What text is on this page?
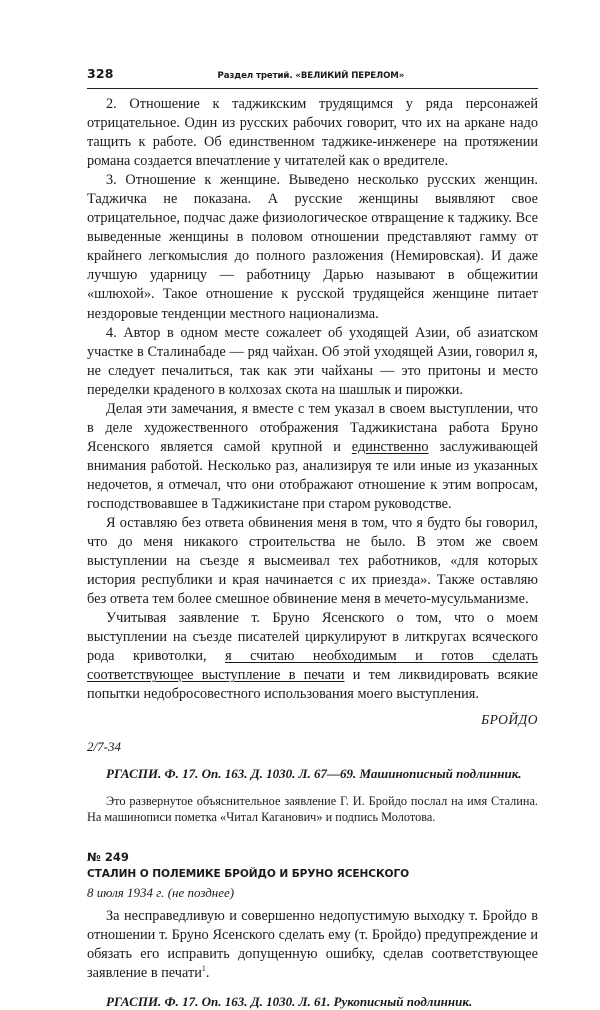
328	Раздел третий. «ВЕЛИКИЙ ПЕРЕЛОМ»

2. Отношение к таджикским трудящимся у ряда персонажей отрицательное. Один из русских рабочих говорит, что их на аркане надо тащить к работе. Об единственном таджике-инженере на протяжении романа создается впечатление у читателей как о вредителе.

3. Отношение к женщине. Выведено несколько русских женщин. Таджичка не показана. А русские женщины выявляют свое отрицательное, подчас даже физиологическое отвращение к таджику. Все выведенные женщины в половом отношении представляют гамму от крайнего легкомыслия до полного разложения (Немировская). И даже лучшую ударницу — работницу Дарью называют в общежитии «шлюхой». Такое отношение к русской трудящейся женщине питает нездоровые тенденции местного национализма.

4. Автор в одном месте сожалеет об уходящей Азии, об азиатском участке в Сталинабаде — ряд чайхан. Об этой уходящей Азии, говорил я, не следует печалиться, так как эти чайханы — это притоны и место переделки краденого в колхозах скота на шашлык и пирожки.

Делая эти замечания, я вместе с тем указал в своем выступлении, что в деле художественного отображения Таджикистана работа Бруно Ясенского является самой крупной и единственно заслуживающей внимания работой. Несколько раз, анализируя те или иные из указанных недочетов, я отмечал, что они отображают отношение к этим вопросам, господствовавшее в Таджикистане при старом руководстве.

Я оставляю без ответа обвинения меня в том, что я будто бы говорил, что до меня никакого строительства не было. В этом же своем выступлении на съезде я высмеивал тех работников, «для которых история республики и края начинается с их приезда». Также оставляю без ответа тем более смешное обвинение меня в мечето-мусульманизме.

Учитывая заявление т. Бруно Ясенского о том, что о моем выступлении на съезде писателей циркулируют в литкругах всяческого рода кривотолки, я считаю необходимым и готов сделать соответствующее выступление в печати и тем ликвидировать всякие попытки недобросовестного использования моего выступления.

БРОЙДО
2/7-34
РГАСПИ. Ф. 17. Оп. 163. Д. 1030. Л. 67—69. Машинописный подлинник.

Это развернутое объяснительное заявление Г. И. Бройдо послал на имя Сталина. На машинописи пометка «Читал Каганович» и подпись Молотова.

№ 249
СТАЛИН О ПОЛЕМИКЕ БРОЙДО И БРУНО ЯСЕНСКОГО
8 июля 1934 г. (не позднее)

За несправедливую и совершенно недопустимую выходку т. Бройдо в отношении т. Бруно Ясенского сделать ему (т. Бройдо) предупреждение и обязать его исправить допущенную ошибку, сделав соответствующее заявление в печати$^1$.

РГАСПИ. Ф. 17. Оп. 163. Д. 1030. Л. 61. Рукописный подлинник.
